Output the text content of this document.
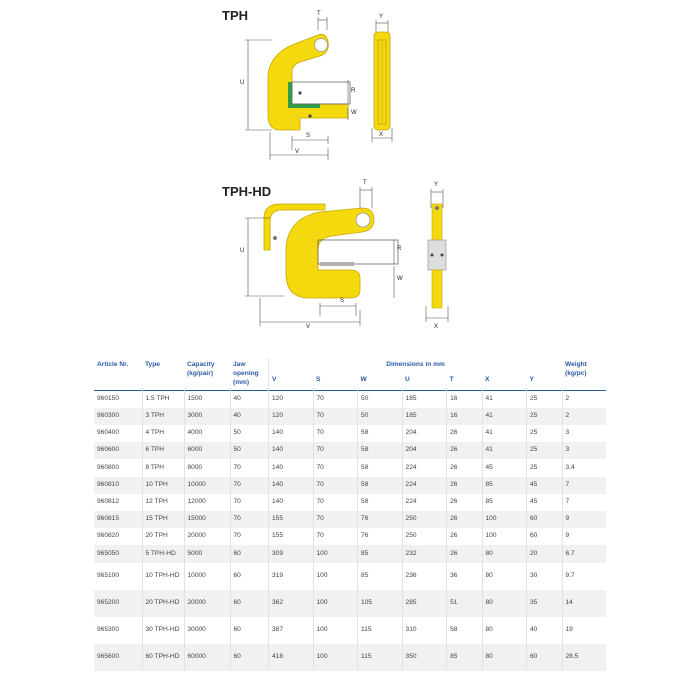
TPH	T	Y
U
R
W
S
V
X
TPH-HD
T	Y
U	R
W
S
V	X
Article Nr.	Type	Capacity (kg/pair)	Jaw opening (mm)	Dimensions in mm							Weight (kg/pc)
				V	S	W	U	T	X	Y	
960150	1.5 TPH	1500	40	120	70	50	185	16	41	25	2
960300	3 TPH	3000	40	120	70	50	185	16	41	25	2
960400	4 TPH	4000	50	140	70	58	204	26	41	25	3
960600	6 TPH	6000	50	140	70	58	204	26	41	25	3
960800	8 TPH	8000	70	140	70	58	224	26	45	25	3.4
960810	10 TPH	10000	70	140	70	58	224	26	85	45	7
960812	12 TPH	12000	70	140	70	58	224	26	85	45	7
960815	15 TPH	15000	70	155	70	76	250	26	100	60	9
960820	20 TPH	20000	70	155	70	76	250	26	100	60	9
965050	5 TPH-HD	5000	60	309	100	85	232	26	80	20	6.7
965100	10 TPH-HD	10000	60	319	100	85	236	36	80	30	9.7
965200	20 TPH-HD	20000	60	362	100	105	285	51	80	35	14
965300	30 TPH-HD	30000	60	387	100	115	310	58	80	40	19
965600	60 TPH-HD	60000	60	418	100	115	350	85	80	60	28.5
